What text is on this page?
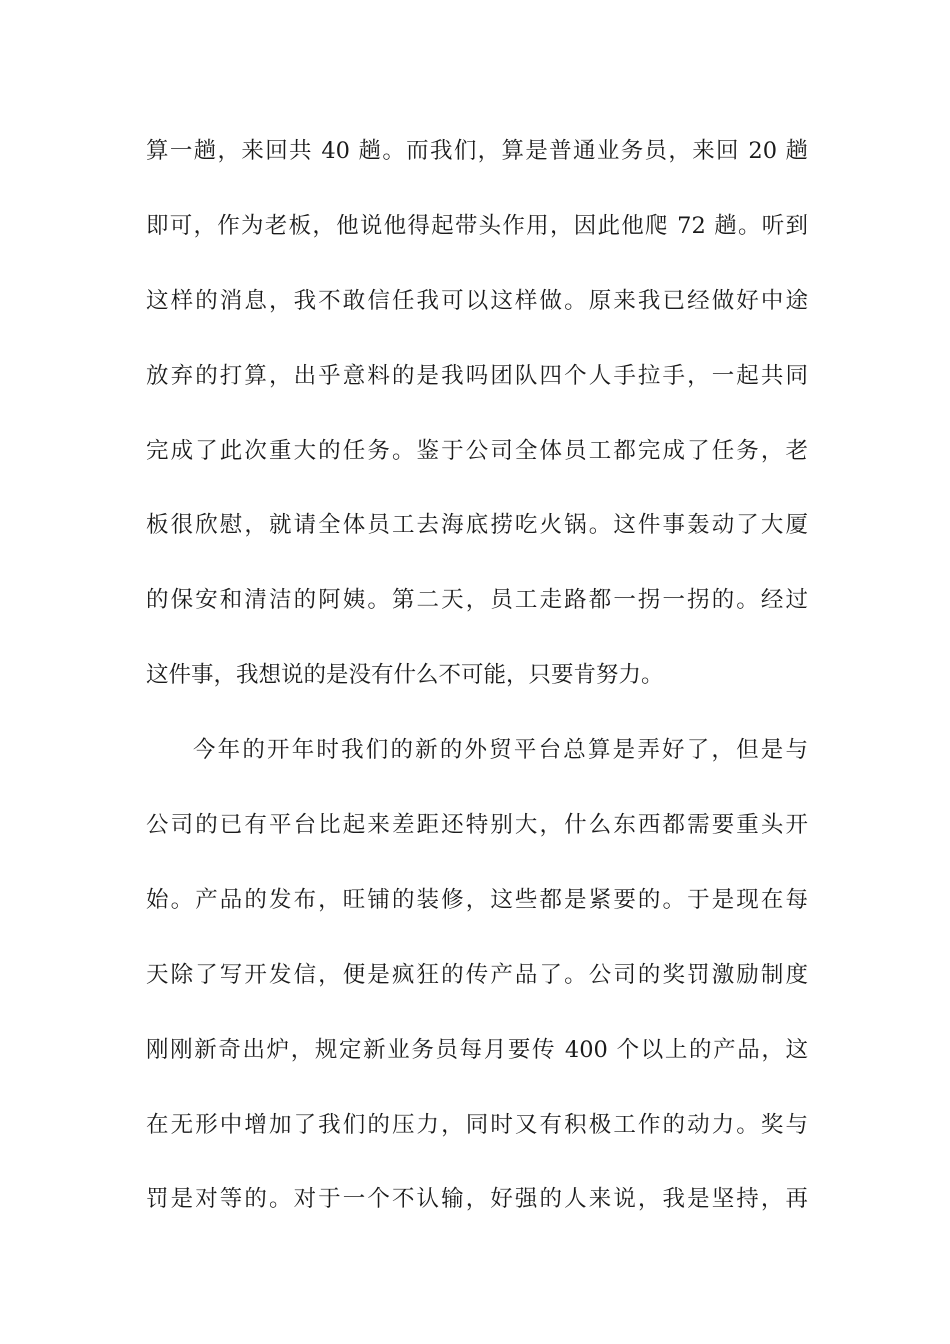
算一趟，来回共 40 趟。而我们，算是普通业务员，来回 20 趟
即可，作为老板，他说他得起带头作用，因此他爬 72 趟。听到
这样的消息，我不敢信任我可以这样做。原来我已经做好中途
放弃的打算，出乎意料的是我吗团队四个人手拉手，一起共同
完成了此次重大的任务。鉴于公司全体员工都完成了任务，老
板很欣慰，就请全体员工去海底捞吃火锅。这件事轰动了大厦
的保安和清洁的阿姨。第二天，员工走路都一拐一拐的。经过
这件事，我想说的是没有什么不可能，只要肯努力。
今年的开年时我们的新的外贸平台总算是弄好了，但是与
公司的已有平台比起来差距还特别大，什么东西都需要重头开
始。产品的发布，旺铺的装修，这些都是紧要的。于是现在每
天除了写开发信，便是疯狂的传产品了。公司的奖罚激励制度
刚刚新奇出炉，规定新业务员每月要传 400 个以上的产品，这
在无形中增加了我们的压力，同时又有积极工作的动力。奖与
罚是对等的。对于一个不认输，好强的人来说，我是坚持，再
